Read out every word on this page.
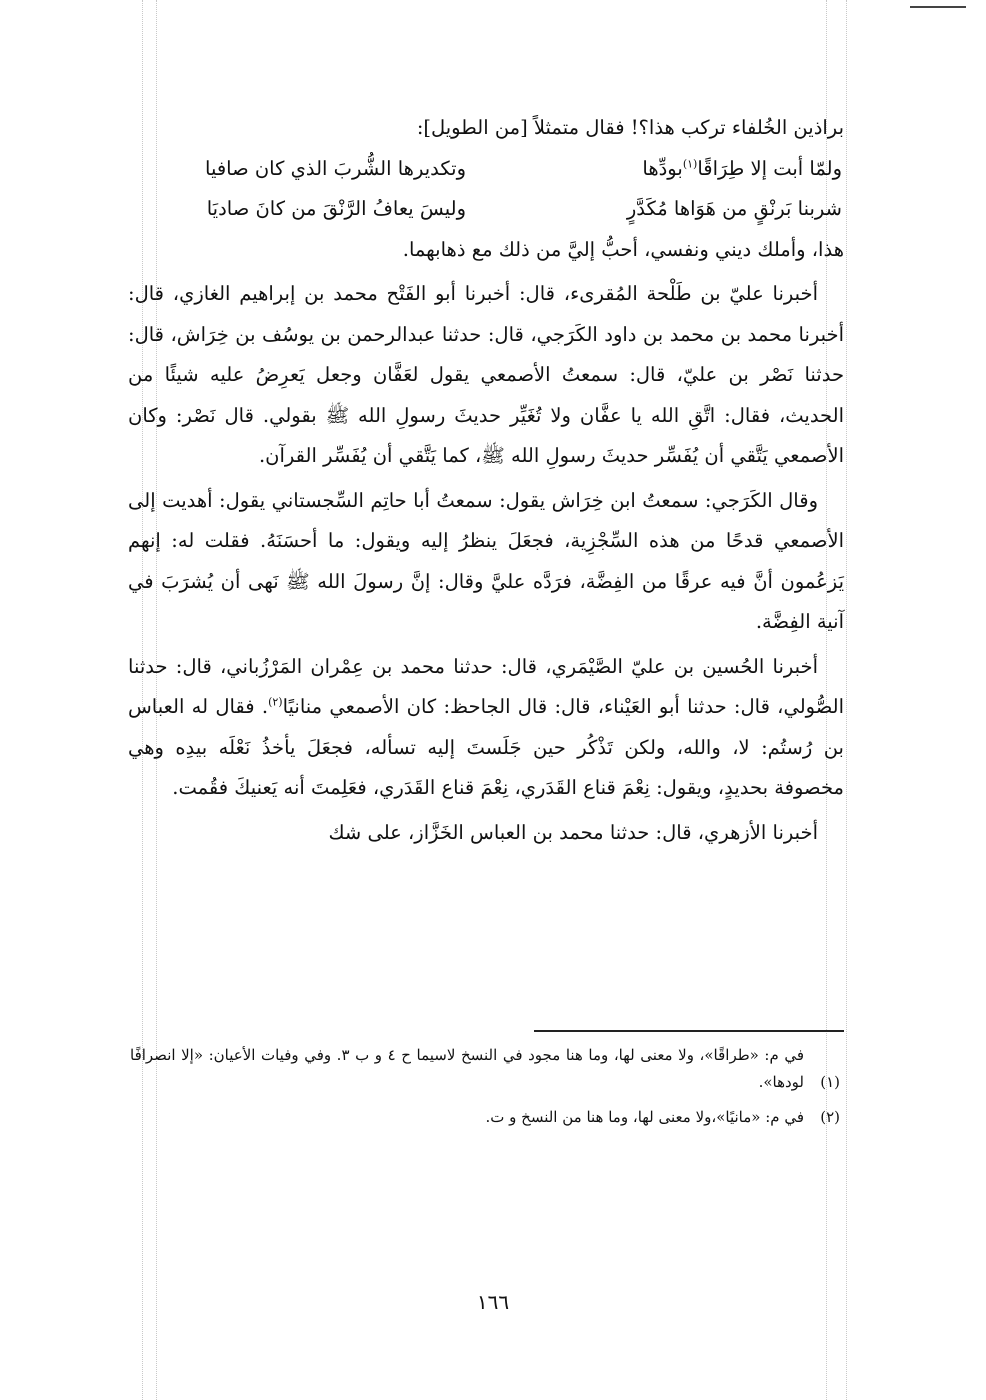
براذين الخُلفاء تركب هذا؟! فقال متمثلاً [من الطويل]:

ولمّا أبت إلا طِرَاقًا$^{(١)}$بودِّها
وتكديرها الشُّربَ الذي كان صافيا
شربنا بَرنْقٍ من هَوَاها مُكَدَّرٍ
وليسَ يعافُ الرَّنْقَ من كانَ صاديَا

هذا، وأملك ديني ونفسي، أحبُّ إليَّ من ذلك مع ذهابهما.

أخبرنا عليّ بن طَلْحة المُقرىء، قال: أخبرنا أبو الفَتْح محمد بن إبراهيم الغازي، قال: أخبرنا محمد بن محمد بن داود الكَرَجي، قال: حدثنا عبدالرحمن بن يوسُف بن خِرَاش، قال: حدثنا نَصْر بن عليّ، قال: سمعتُ الأصمعي يقول لعَفَّان وجعل يَعرِضُ عليه شيئًا من الحديث، فقال: اتَّقِ الله يا عفَّان ولا تُغَيِّر حديثَ رسولِ الله ﷺ بقولي. قال نَصْر: وكان الأصمعي يَتَّقي أن يُفَسِّر حديثَ رسولِ الله ﷺ، كما يَتَّقي أن يُفَسِّر القرآن.

وقال الكَرَجي: سمعتُ ابن خِرَاش يقول: سمعتُ أبا حاتِم السِّجستاني يقول: أهديت إلى الأصمعي قدحًا من هذه السِّجْزِية، فجعَلَ ينظرُ إليه ويقول: ما أحسَنَهُ. فقلت له: إنهم يَزعُمون أنَّ فيه عرقًا من الفِضَّة، فرَدَّه عليَّ وقال: إنَّ رسولَ الله ﷺ نَهى أن يُشرَبَ في آنية الفِضَّة.

أخبرنا الحُسين بن عليّ الصَّيْمَري، قال: حدثنا محمد بن عِمْران المَرْزُباني، قال: حدثنا الصُّولي، قال: حدثنا أبو العَيْناء، قال: قال الجاحظ: كان الأصمعي منانيًا$^{(٢)}$. فقال له العباس بن رُستُم: لا، والله، ولكن تَذْكُر حين جَلَستَ إليه تسأله، فجعَلَ يأخذُ نَعْلَه بيدِه وهي مخصوفة بحديدٍ، ويقول: نِعْمَ قناع القَدَري، نِعْمَ قناع القَدَري، فعَلِمتَ أنه يَعنيكَ فقُمت.

أخبرنا الأزهري، قال: حدثنا محمد بن العباس الخَزَّاز، على شك

(١)في م: «طراقًا»، ولا معنى لها، وما هنا مجود في النسخ لاسيما ح ٤ و ب ٣. وفي وفيات الأعيان: «إلا انصرافًا لودها».

(٢)في م: «مانيًا»،ولا معنى لها، وما هنا من النسخ و ت.

١٦٦
